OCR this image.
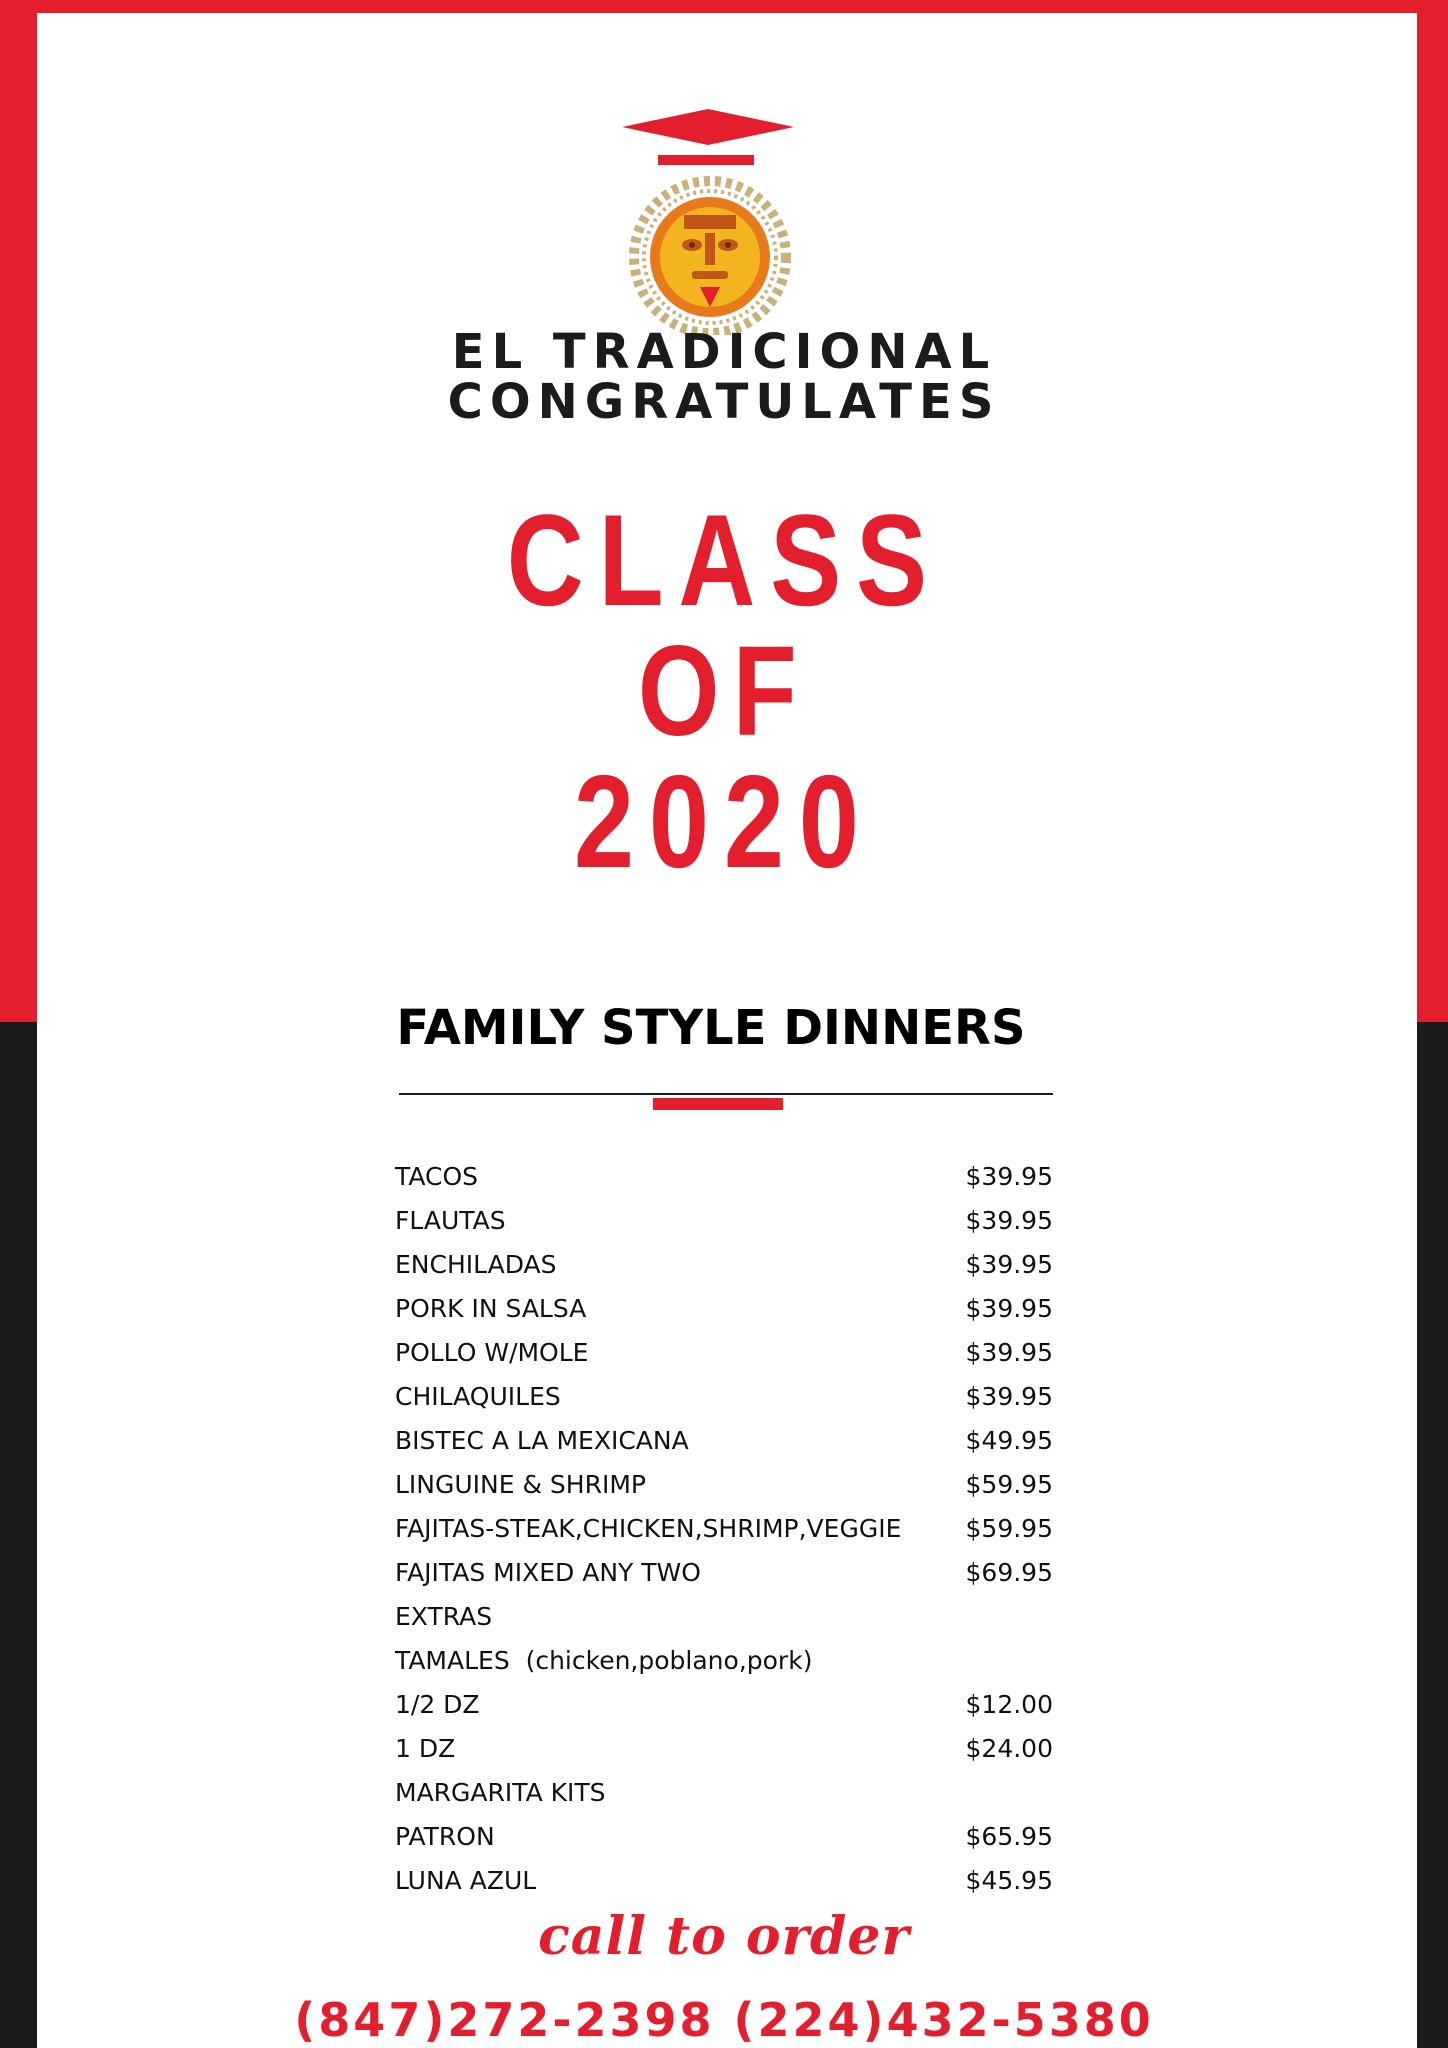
EL TRADICIONAL
CONGRATULATES
CLASS
OF
2020
FAMILY STYLE DINNERS
TACOS	$39.95
FLAUTAS	$39.95
ENCHILADAS	$39.95
PORK IN SALSA	$39.95
POLLO W/MOLE	$39.95
CHILAQUILES	$39.95
BISTEC A LA MEXICANA	$49.95
LINGUINE & SHRIMP	$59.95
FAJITAS-STEAK,CHICKEN,SHRIMP,VEGGIE	$59.95
FAJITAS MIXED ANY TWO	$69.95
EXTRAS
TAMALES  (chicken,poblano,pork)
1/2 DZ	$12.00
1 DZ	$24.00
MARGARITA KITS
PATRON	$65.95
LUNA AZUL	$45.95
call to order
(847)272-2398 (224)432-5380
